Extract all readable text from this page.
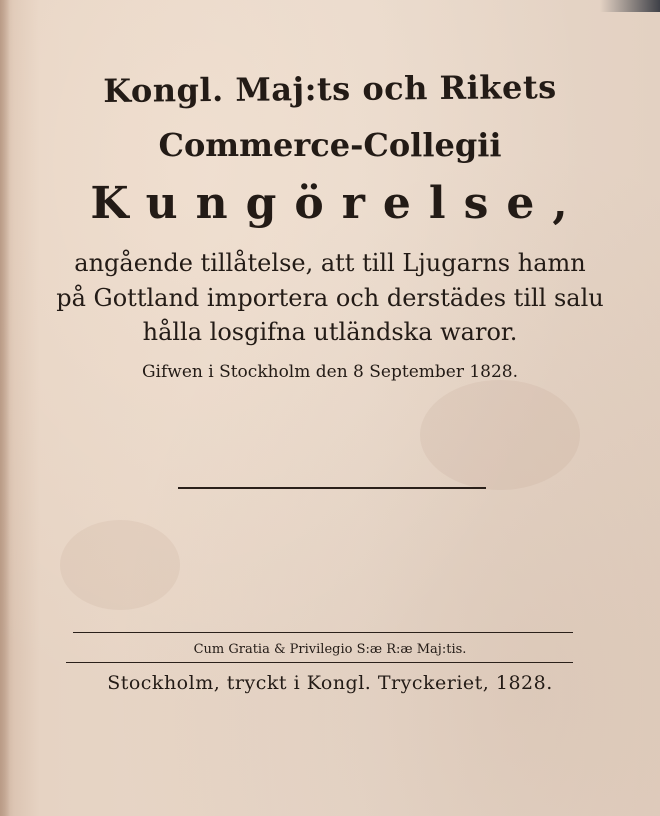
Kongl. Maj:ts och Rikets
Commerce-Collegii
Kungörelse,
angående tillåtelse, att till Ljugarns hamn
på Gottland importera och derstädes till salu
hålla losgifna utländska waror.
Gifwen i Stockholm den 8 September 1828.
Cum Gratia & Privilegio S:æ R:æ Maj:tis.
Stockholm, tryckt i Kongl. Tryckeriet, 1828.
